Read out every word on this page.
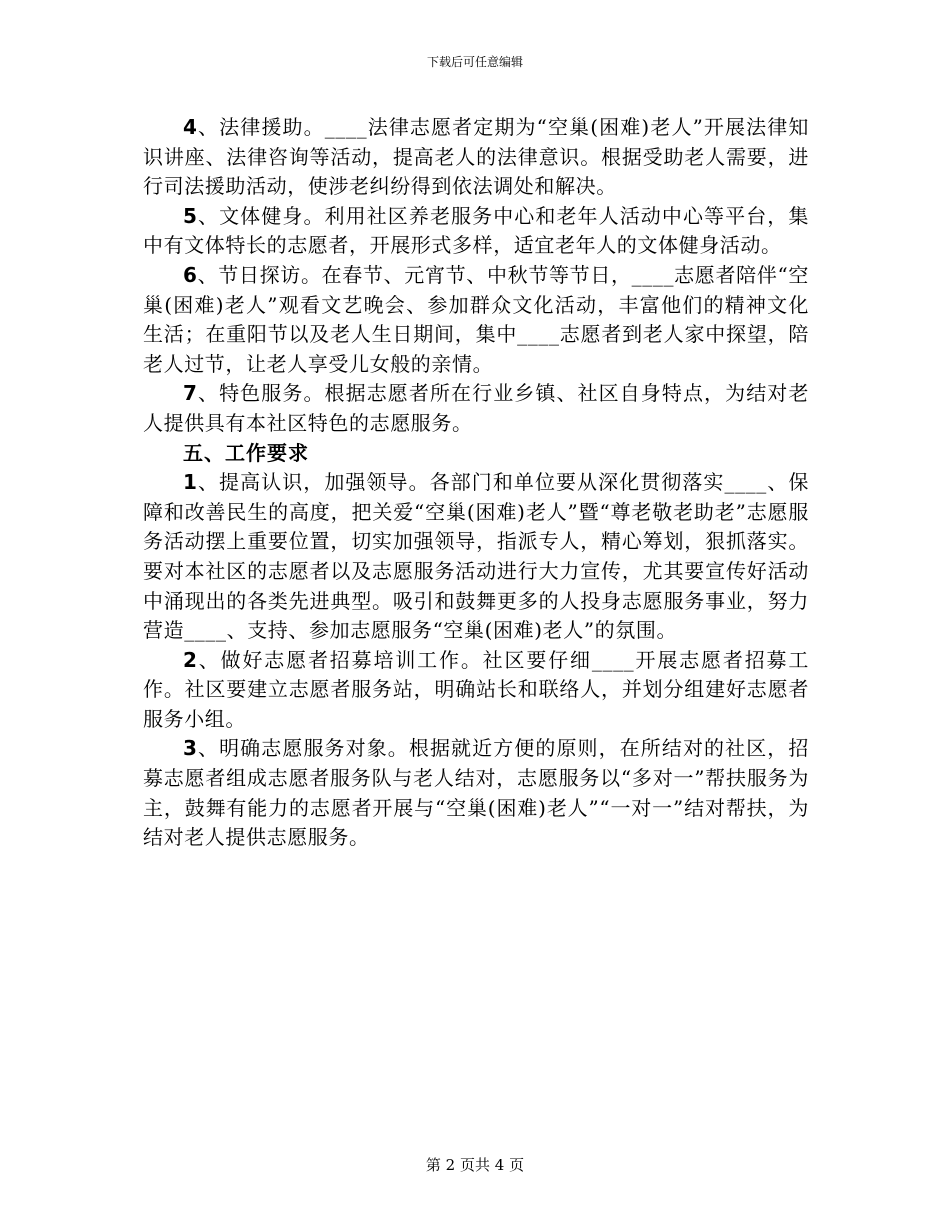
下载后可任意编辑

4、法律援助。____法律志愿者定期为“空巢(困难)老人”开展法律知识讲座、法律咨询等活动，提高老人的法律意识。根据受助老人需要，进行司法援助活动，使涉老纠纷得到依法调处和解决。

5、文体健身。利用社区养老服务中心和老年人活动中心等平台，集中有文体特长的志愿者，开展形式多样，适宜老年人的文体健身活动。

6、节日探访。在春节、元宵节、中秋节等节日，____志愿者陪伴“空巢(困难)老人”观看文艺晚会、参加群众文化活动，丰富他们的精神文化生活；在重阳节以及老人生日期间，集中____志愿者到老人家中探望，陪老人过节，让老人享受儿女般的亲情。

7、特色服务。根据志愿者所在行业乡镇、社区自身特点，为结对老人提供具有本社区特色的志愿服务。

五、工作要求

1、提高认识，加强领导。各部门和单位要从深化贯彻落实____、保障和改善民生的高度，把关爱“空巢(困难)老人”暨“尊老敬老助老”志愿服务活动摆上重要位置，切实加强领导，指派专人，精心筹划，狠抓落实。要对本社区的志愿者以及志愿服务活动进行大力宣传，尤其要宣传好活动中涌现出的各类先进典型。吸引和鼓舞更多的人投身志愿服务事业，努力营造____、支持、参加志愿服务“空巢(困难)老人”的氛围。

2、做好志愿者招募培训工作。社区要仔细____开展志愿者招募工作。社区要建立志愿者服务站，明确站长和联络人，并划分组建好志愿者服务小组。

3、明确志愿服务对象。根据就近方便的原则，在所结对的社区，招募志愿者组成志愿者服务队与老人结对，志愿服务以“多对一”帮扶服务为主，鼓舞有能力的志愿者开展与“空巢(困难)老人”“一对一”结对帮扶，为结对老人提供志愿服务。

第 2 页共 4 页
